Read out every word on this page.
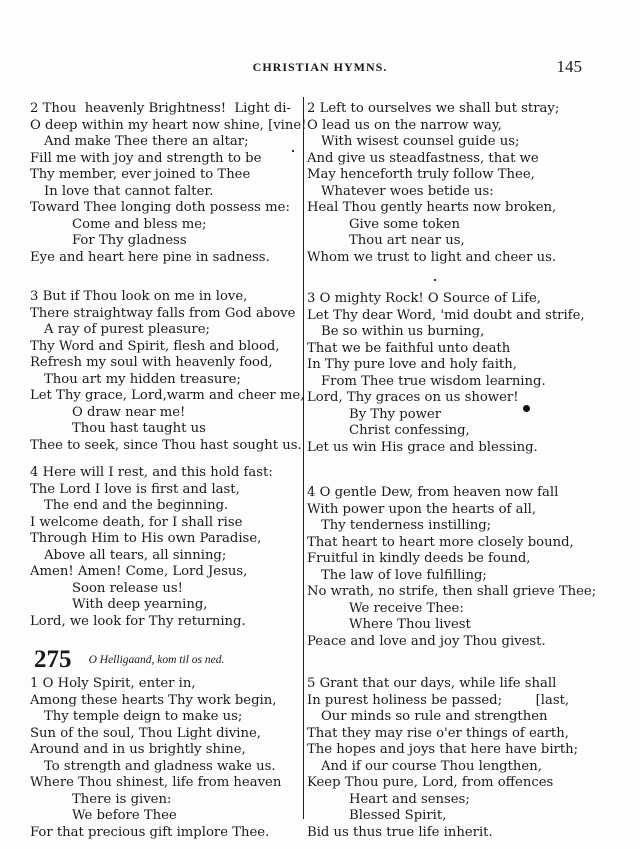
CHRISTIAN HYMNS.	145
2 Thou  heavenly Brightness!  Light di-
O deep within my heart now shine, [vine!
And make Thee there an altar;
Fill me with joy and strength to be
Thy member, ever joined to Thee
In love that cannot falter.
Toward Thee longing doth possess me:
Come and bless me;
For Thy gladness
Eye and heart here pine in sadness.
3 But if Thou look on me in love,
There straightway falls from God above
A ray of purest pleasure;
Thy Word and Spirit, flesh and blood,
Refresh my soul with heavenly food,
Thou art my hidden treasure;
Let Thy grace, Lord,warm and cheer me,
O draw near me!
Thou hast taught us
Thee to seek, since Thou hast sought us.
4 Here will I rest, and this hold fast:
The Lord I love is first and last,
The end and the beginning.
I welcome death, for I shall rise
Through Him to His own Paradise,
Above all tears, all sinning;
Amen! Amen! Come, Lord Jesus,
Soon release us!
With deep yearning,
Lord, we look for Thy returning.
275 $^{O Helligaand, kom til os ned.}$
1 O Holy Spirit, enter in,
Among these hearts Thy work begin,
Thy temple deign to make us;
Sun of the soul, Thou Light divine,
Around and in us brightly shine,
To strength and gladness wake us.
Where Thou shinest, life from heaven
There is given:
We before Thee
For that precious gift implore Thee.
2 Left to ourselves we shall but stray;
O lead us on the narrow way,
With wisest counsel guide us;
And give us steadfastness, that we
May henceforth truly follow Thee,
Whatever woes betide us:
Heal Thou gently hearts now broken,
Give some token
Thou art near us,
Whom we trust to light and cheer us.
3 O mighty Rock! O Source of Life,
Let Thy dear Word, 'mid doubt and strife,
Be so within us burning,
That we be faithful unto death
In Thy pure love and holy faith,
From Thee true wisdom learning.
Lord, Thy graces on us shower!
By Thy power
Christ confessing,
Let us win His grace and blessing.
4 O gentle Dew, from heaven now fall
With power upon the hearts of all,
Thy tenderness instilling;
That heart to heart more closely bound,
Fruitful in kindly deeds be found,
The law of love fulfilling;
No wrath, no strife, then shall grieve Thee;
We receive Thee:
Where Thou livest
Peace and love and joy Thou givest.
5 Grant that our days, while life shall
In purest holiness be passed;        [last,
Our minds so rule and strengthen
That they may rise o'er things of earth,
The hopes and joys that here have birth;
And if our course Thou lengthen,
Keep Thou pure, Lord, from offences
Heart and senses;
Blessed Spirit,
Bid us thus true life inherit.
